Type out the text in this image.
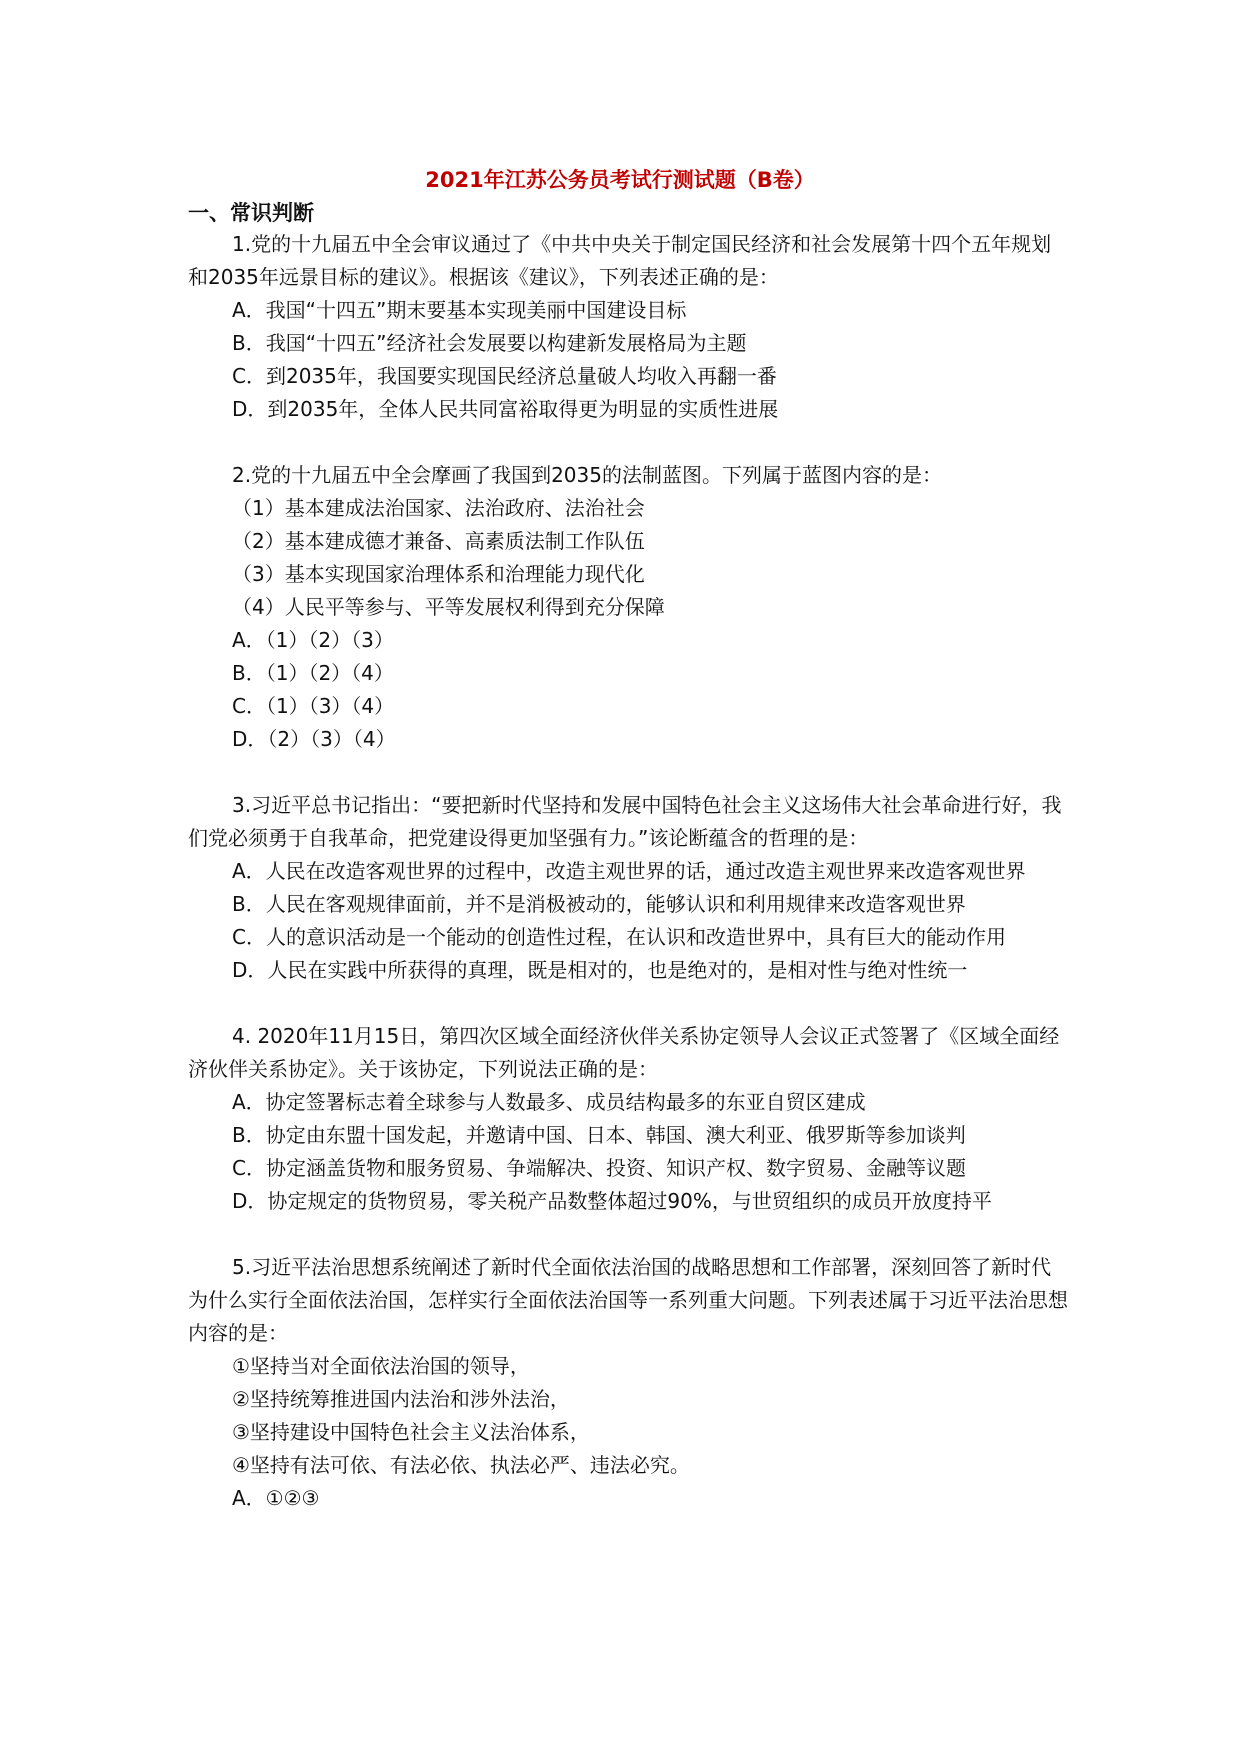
2021年江苏公务员考试行测试题（B卷）
一、常识判断

1.党的十九届五中全会审议通过了《中共中央关于制定国民经济和社会发展第十四个五年规划和2035年远景目标的建议》。根据该《建议》，下列表述正确的是：

A．我国“十四五”期末要基本实现美丽中国建设目标

B．我国“十四五”经济社会发展要以构建新发展格局为主题

C．到2035年，我国要实现国民经济总量破人均收入再翻一番

D．到2035年，全体人民共同富裕取得更为明显的实质性进展

2.党的十九届五中全会摩画了我国到2035的法制蓝图。下列属于蓝图内容的是：

（1）基本建成法治国家、法治政府、法治社会

（2）基本建成德才兼备、高素质法制工作队伍

（3）基本实现国家治理体系和治理能力现代化

（4）人民平等参与、平等发展权利得到充分保障

A．（1）（2）（3）

B．（1）（2）（4）

C．（1）（3）（4）

D．（2）（3）（4）

3.习近平总书记指出：“要把新时代坚持和发展中国特色社会主义这场伟大社会革命进行好，我们党必须勇于自我革命，把党建设得更加坚强有力。”该论断蕴含的哲理的是：

A．人民在改造客观世界的过程中，改造主观世界的话，通过改造主观世界来改造客观世界

B．人民在客观规律面前，并不是消极被动的，能够认识和利用规律来改造客观世界

C．人的意识活动是一个能动的创造性过程，在认识和改造世界中，具有巨大的能动作用

D．人民在实践中所获得的真理，既是相对的，也是绝对的，是相对性与绝对性统一

4. 2020年11月15日，第四次区域全面经济伙伴关系协定领导人会议正式签署了《区域全面经济伙伴关系协定》。关于该协定，下列说法正确的是：

A．协定签署标志着全球参与人数最多、成员结构最多的东亚自贸区建成

B．协定由东盟十国发起，并邀请中国、日本、韩国、澳大利亚、俄罗斯等参加谈判

C．协定涵盖货物和服务贸易、争端解决、投资、知识产权、数字贸易、金融等议题

D．协定规定的货物贸易，零关税产品数整体超过90%，与世贸组织的成员开放度持平

5.习近平法治思想系统阐述了新时代全面依法治国的战略思想和工作部署，深刻回答了新时代为什么实行全面依法治国，怎样实行全面依法治国等一系列重大问题。下列表述属于习近平法治思想内容的是：

①坚持当对全面依法治国的领导，

②坚持统筹推进国内法治和涉外法治，

③坚持建设中国特色社会主义法治体系，

④坚持有法可依、有法必依、执法必严、违法必究。

A．①②③
